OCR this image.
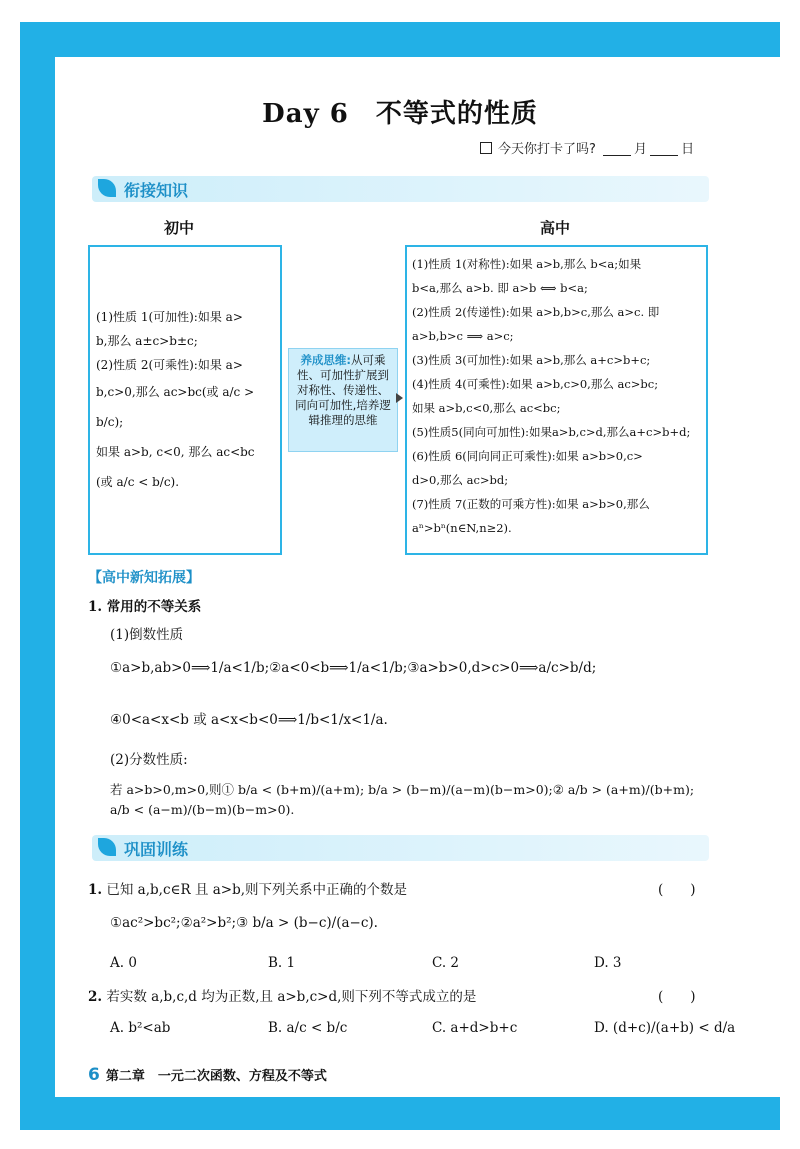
Day 6　不等式的性质
今天你打卡了吗?	月	日
衔接知识
初中	高中
(1)性质 1(可加性):如果 a>
b,那么 a±c>b±c;
(2)性质 2(可乘性):如果 a>
b,c>0,那么 ac>bc(或 a/c > b/c);
如果 a>b, c<0, 那么 ac<bc
(或 a/c < b/c).
养成思维:从可乘性、可加性扩展到对称性、传递性、同向可加性,培养逻辑推理的思维
(1)性质 1(对称性):如果 a>b,那么 b<a;如果
b<a,那么 a>b. 即 a>b ⟺ b<a;
(2)性质 2(传递性):如果 a>b,b>c,那么 a>c. 即
a>b,b>c ⟹ a>c;
(3)性质 3(可加性):如果 a>b,那么 a+c>b+c;
(4)性质 4(可乘性):如果 a>b,c>0,那么 ac>bc;
如果 a>b,c<0,那么 ac<bc;
(5)性质5(同向可加性):如果a>b,c>d,那么a+c>b+d;
(6)性质 6(同向同正可乘性):如果 a>b>0,c>
d>0,那么 ac>bd;
(7)性质 7(正数的可乘方性):如果 a>b>0,那么
aⁿ>bⁿ(n∈N,n≥2).
【高中新知拓展】
1. 常用的不等关系
(1)倒数性质
①a>b,ab>0⟹1/a<1/b;②a<0<b⟹1/a<1/b;③a>b>0,d>c>0⟹a/c>b/d;
④0<a<x<b 或 a<x<b<0⟹1/b<1/x<1/a.
(2)分数性质:
若 a>b>0,m>0,则① b/a < (b+m)/(a+m); b/a > (b−m)/(a−m)(b−m>0);② a/b > (a+m)/(b+m); a/b < (a−m)/(b−m)(b−m>0).
巩固训练
1. 已知 a,b,c∈R 且 a>b,则下列关系中正确的个数是	(　　)
①ac²>bc²;②a²>b²;③ b/a > (b−c)/(a−c).
A. 0	B. 1	C. 2	D. 3
2. 若实数 a,b,c,d 均为正数,且 a>b,c>d,则下列不等式成立的是	(　　)
A. b²<ab	B. a/c < b/c	C. a+d>b+c	D. (d+c)/(a+b) < d/a
6 第二章　一元二次函数、方程及不等式
